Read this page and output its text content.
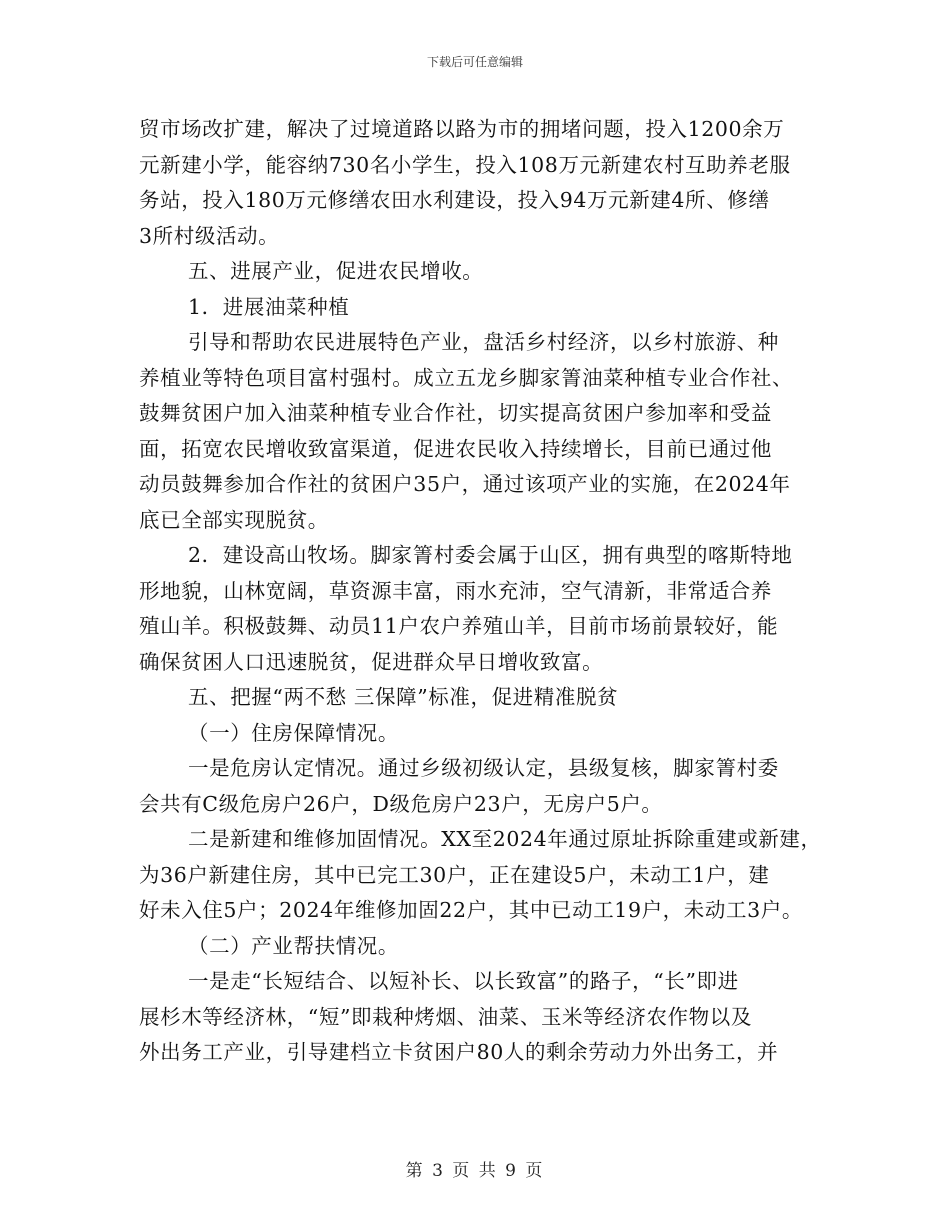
下载后可任意编辑
贸市场改扩建，解决了过境道路以路为市的拥堵问题，投入1200余万
元新建小学，能容纳730名小学生，投入108万元新建农村互助养老服
务站，投入180万元修缮农田水利建设，投入94万元新建4所、修缮
3所村级活动。
五、进展产业，促进农民增收。
1．进展油菜种植
引导和帮助农民进展特色产业，盘活乡村经济，以乡村旅游、种
养植业等特色项目富村强村。成立五龙乡脚家箐油菜种植专业合作社、
鼓舞贫困户加入油菜种植专业合作社，切实提高贫困户参加率和受益
面，拓宽农民增收致富渠道，促进农民收入持续增长，目前已通过他
动员鼓舞参加合作社的贫困户35户，通过该项产业的实施，在2024年
底已全部实现脱贫。
2．建设高山牧场。脚家箐村委会属于山区，拥有典型的喀斯特地
形地貌，山林宽阔，草资源丰富，雨水充沛，空气清新，非常适合养
殖山羊。积极鼓舞、动员11户农户养殖山羊，目前市场前景较好，能
确保贫困人口迅速脱贫，促进群众早日增收致富。
五、把握“两不愁 三保障”标准，促进精准脱贫
（一）住房保障情况。
一是危房认定情况。通过乡级初级认定，县级复核，脚家箐村委
会共有C级危房户26户，D级危房户23户，无房户5户。
二是新建和维修加固情况。XX至2024年通过原址拆除重建或新建，
为36户新建住房，其中已完工30户，正在建设5户，未动工1户，建
好未入住5户；2024年维修加固22户，其中已动工19户，未动工3户。
（二）产业帮扶情况。
一是走“长短结合、以短补长、以长致富”的路子，“长”即进
展杉木等经济林，“短”即栽种烤烟、油菜、玉米等经济农作物以及
外出务工产业，引导建档立卡贫困户80人的剩余劳动力外出务工，并
第 3 页 共 9 页
